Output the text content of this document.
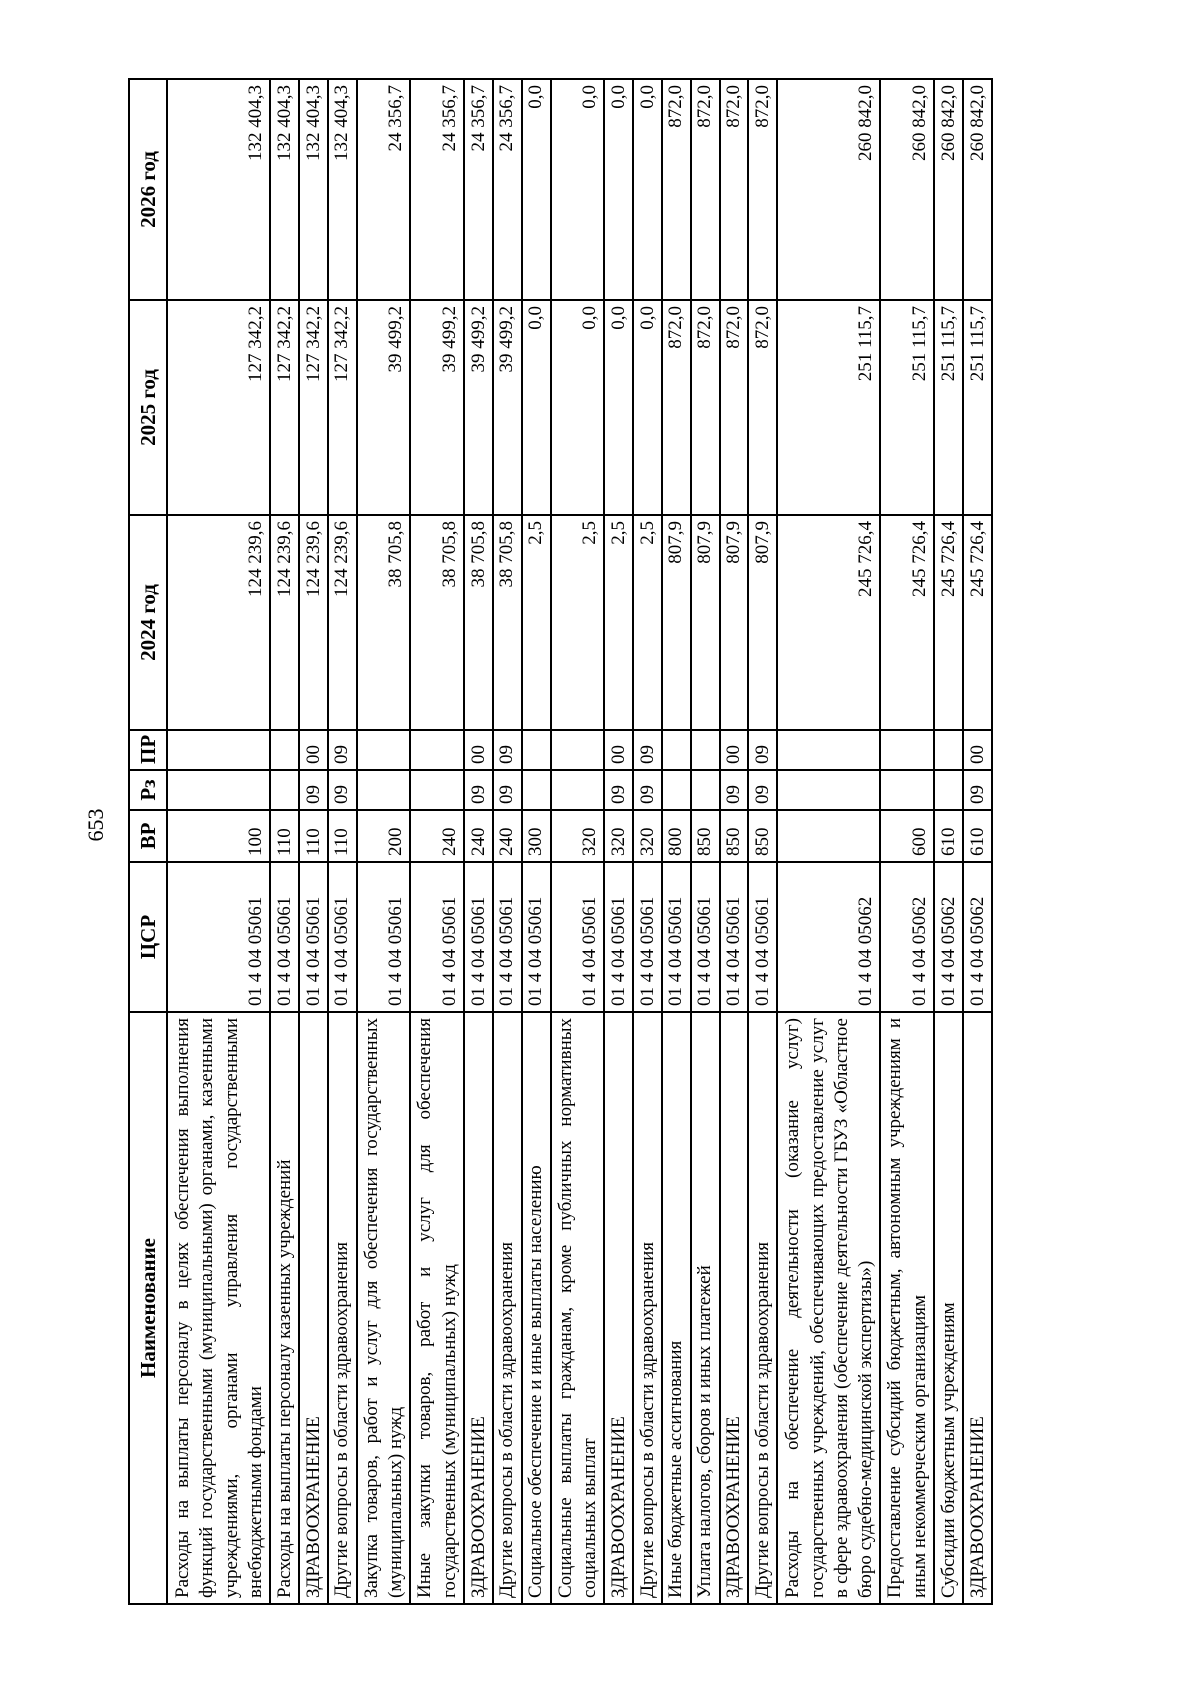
653
Наименование	ЦСР	ВР	Рз	ПР	2024 год	2025 год	2026 год
Расходы на выплаты персоналу в целях обеспечения выполнения функций государственными (муниципальными) органами, казенными учреждениями, органами управления государственными внебюджетными фондами	01 4 04 05061	100			124 239,6	127 342,2	132 404,3
Расходы на выплаты персоналу казенных учреждений	01 4 04 05061	110			124 239,6	127 342,2	132 404,3
ЗДРАВООХРАНЕНИЕ	01 4 04 05061	110	09	00	124 239,6	127 342,2	132 404,3
Другие вопросы в области здравоохранения	01 4 04 05061	110	09	09	124 239,6	127 342,2	132 404,3
Закупка товаров, работ и услуг для обеспечения государственных (муниципальных) нужд	01 4 04 05061	200			38 705,8	39 499,2	24 356,7
Иные закупки товаров, работ и услуг для обеспечения государственных (муниципальных) нужд	01 4 04 05061	240			38 705,8	39 499,2	24 356,7
ЗДРАВООХРАНЕНИЕ	01 4 04 05061	240	09	00	38 705,8	39 499,2	24 356,7
Другие вопросы в области здравоохранения	01 4 04 05061	240	09	09	38 705,8	39 499,2	24 356,7
Социальное обеспечение и иные выплаты населению	01 4 04 05061	300			2,5	0,0	0,0
Социальные выплаты гражданам, кроме публичных нормативных социальных выплат	01 4 04 05061	320			2,5	0,0	0,0
ЗДРАВООХРАНЕНИЕ	01 4 04 05061	320	09	00	2,5	0,0	0,0
Другие вопросы в области здравоохранения	01 4 04 05061	320	09	09	2,5	0,0	0,0
Иные бюджетные ассигнования	01 4 04 05061	800			807,9	872,0	872,0
Уплата налогов, сборов и иных платежей	01 4 04 05061	850			807,9	872,0	872,0
ЗДРАВООХРАНЕНИЕ	01 4 04 05061	850	09	00	807,9	872,0	872,0
Другие вопросы в области здравоохранения	01 4 04 05061	850	09	09	807,9	872,0	872,0
Расходы на обеспечение деятельности (оказание услуг) государственных учреждений, обеспечивающих предоставление услуг в сфере здравоохранения (обеспечение деятельности ГБУЗ «Областное бюро судебно-медицинской экспертизы»)	01 4 04 05062				245 726,4	251 115,7	260 842,0
Предоставление субсидий бюджетным, автономным учреждениям и иным некоммерческим организациям	01 4 04 05062	600			245 726,4	251 115,7	260 842,0
Субсидии бюджетным учреждениям	01 4 04 05062	610			245 726,4	251 115,7	260 842,0
ЗДРАВООХРАНЕНИЕ	01 4 04 05062	610	09	00	245 726,4	251 115,7	260 842,0
